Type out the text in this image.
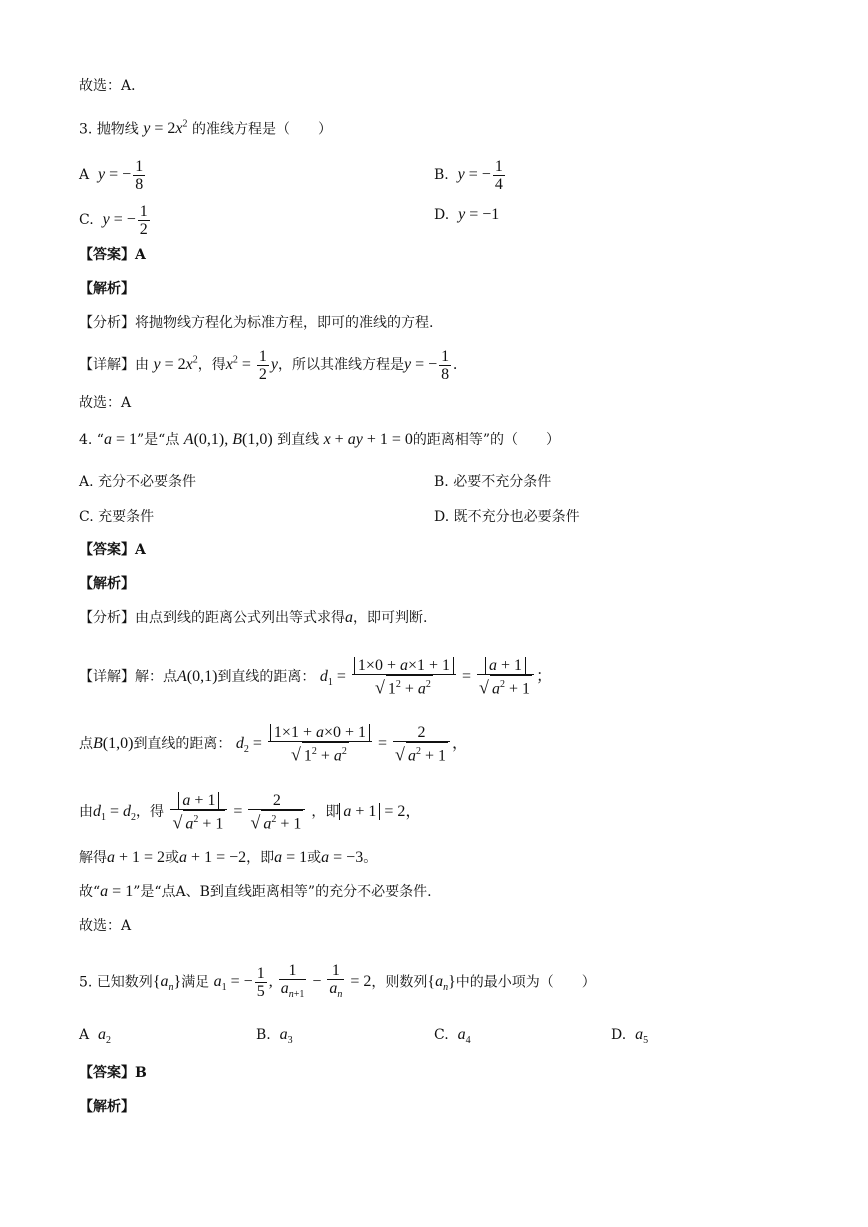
故选：A．
3. 抛物线 $y = 2x^2$ 的准线方程是（　　）
A y = − $\frac{1}{8}$	B. y = − $\frac{1}{4}$
C. y = − $\frac{1}{2}$	D. y = −1
【答案】A
【解析】
【分析】将抛物线方程化为标准方程，即可的准线的方程.
【详解】由 $y = 2x^2$，得$x^2 = \frac{1}{2}$ y，所以其准线方程是y = − $\frac{1}{8}$ .
故选：A
4. “a = 1”是“点 A(0,1), B(1,0) 到直线 x + ay + 1 = 0的距离相等”的（　　）
A. 充分不必要条件	B. 必要不充分条件
C. 充要条件	D. 既不充分也必要条件
【答案】A
【解析】
【分析】由点到线的距离公式列出等式求得a，即可判断.
【详解】解：点A(0,1)到直线的距离： $d_1 = \frac{1\times 0 + a\times 1 + 1}{√ 1^2 + a^2} = \frac{a + 1}{√ a^2 + 1}$ ；
点B(1,0)到直线的距离： $d_2 = \frac{1\times 1 + a\times 0 + 1}{√ 1^2 + a^2} = \frac{2}{√ a^2 + 1}$ ，
由$d_1 = d_2$，得 $\frac{a + 1}{√ a^2 + 1} = \frac{2}{√ a^2 + 1}$ ，即 a + 1 = 2，
解得a + 1 = 2或a + 1 = −2，即a = 1或a = −3。
故“a = 1”是“点A、B到直线距离相等”的充分不必要条件.
故选：A
5. 已知数列$\{a_n\}$满足 $a_1$ = − $\frac{1}{5}$ , $\frac{1}{a_{n+1}} - \frac{1}{a_n} = 2$，则数列$\{a_n\}$中的最小项为（　　）
A $a_2$	B. $a_3$	C. $a_4$	D. $a_5$
【答案】B
【解析】
